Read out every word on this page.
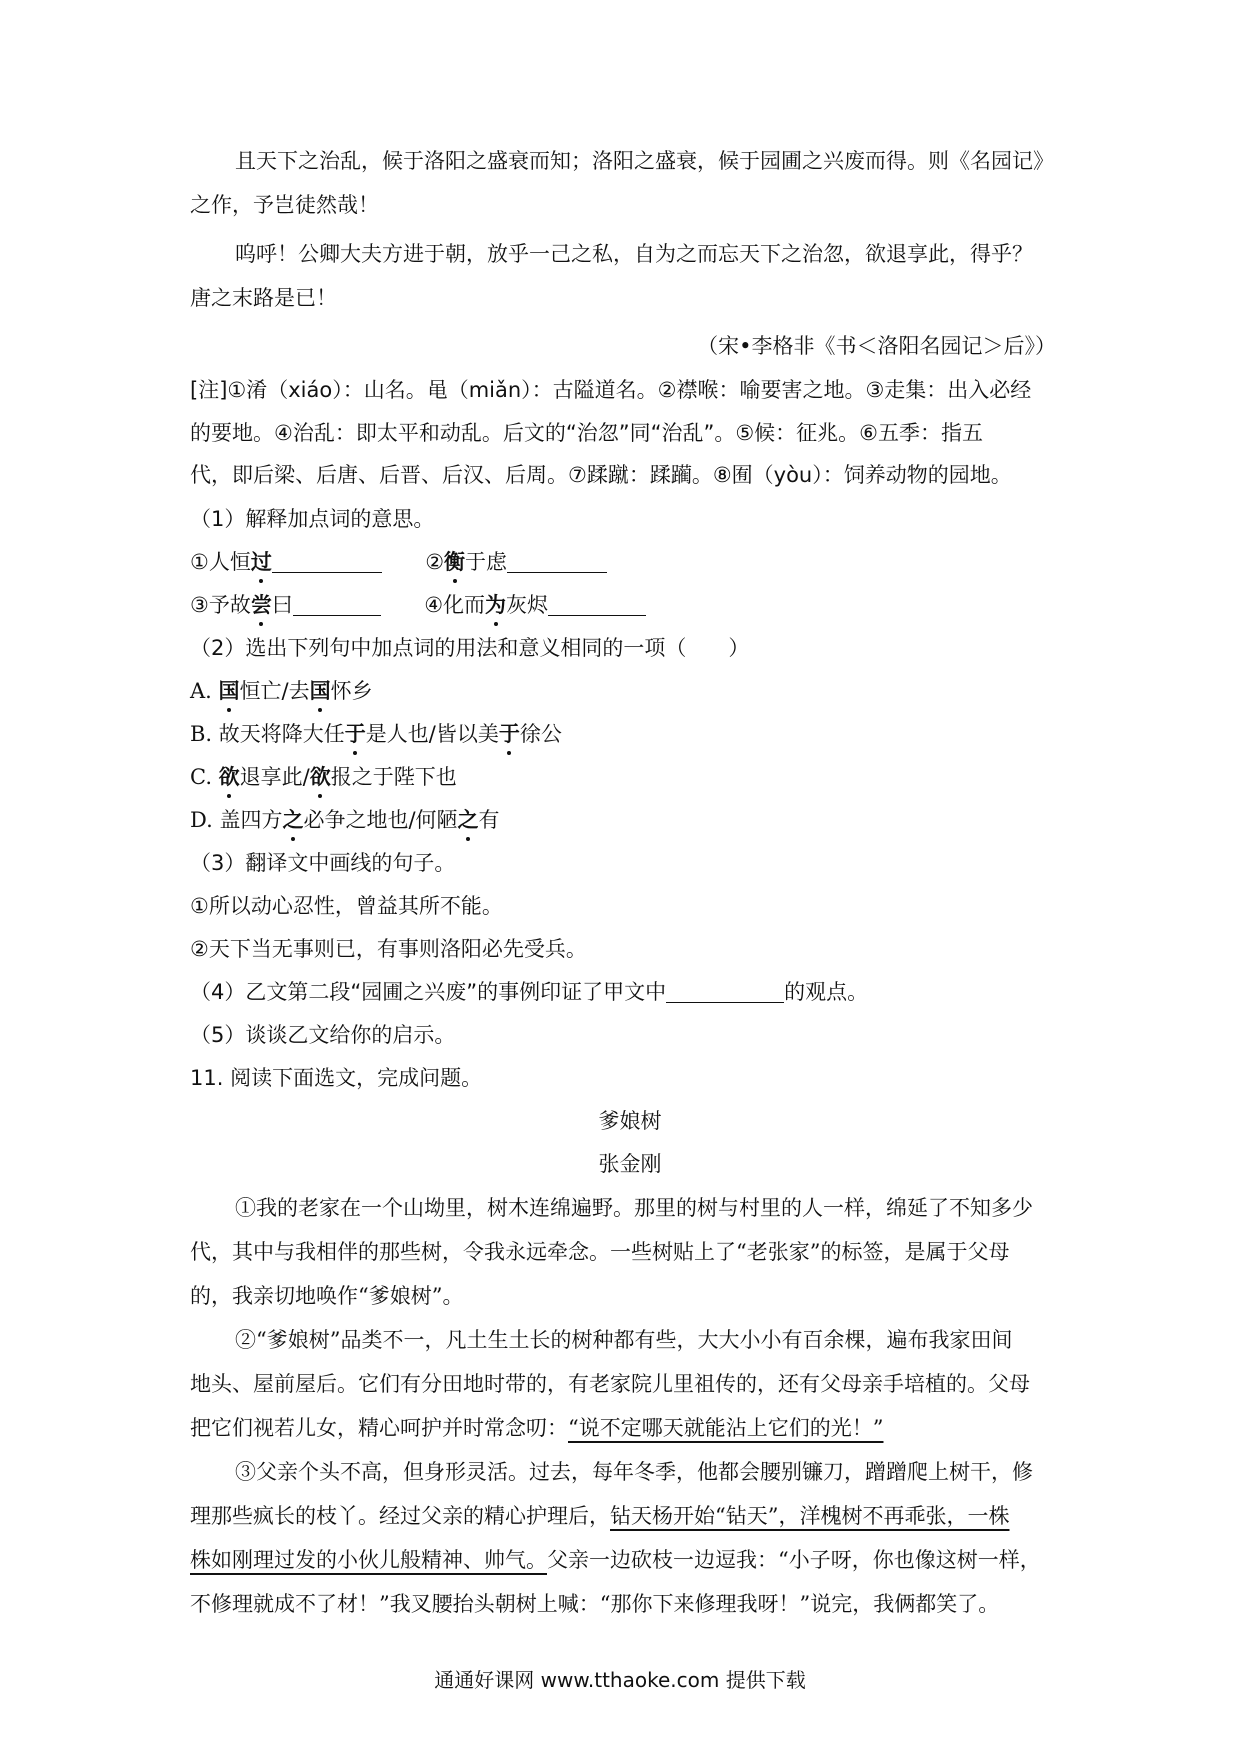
且天下之治乱，候于洛阳之盛衰而知；洛阳之盛衰，候于园圃之兴废而得。则《名园记》
之作，予岂徒然哉！
呜呼！公卿大夫方进于朝，放乎一己之私，自为之而忘天下之治忽，欲退享此，得乎？
唐之末路是已！
（宋•李格非《书＜洛阳名园记＞后》）
[注]①淆（xiáo）：山名。黾（miǎn）：古隘道名。②襟喉：喻要害之地。③走集：出入必经
的要地。④治乱：即太平和动乱。后文的“治忽”同“治乱”。⑤候：征兆。⑥五季：指五
代，即后梁、后唐、后晋、后汉、后周。⑦蹂蹴：蹂躏。⑧囿（yòu）：饲养动物的园地。
（1）解释加点词的意思。
①人恒过	②衡于虑
③予故尝曰	④化而为灰烬
（2）选出下列句中加点词的用法和意义相同的一项（　　）
A. 国恒亡/去国怀乡
B. 故天将降大任于是人也/皆以美于徐公
C. 欲退享此/欲报之于陛下也
D. 盖四方之必争之地也/何陋之有
（3）翻译文中画线的句子。
①所以动心忍性，曾益其所不能。
②天下当无事则已，有事则洛阳必先受兵。
（4）乙文第二段“园圃之兴废”的事例印证了甲文中	的观点。
（5）谈谈乙文给你的启示。
11. 阅读下面选文，完成问题。
爹娘树
张金刚
①我的老家在一个山坳里，树木连绵遍野。那里的树与村里的人一样，绵延了不知多少
代，其中与我相伴的那些树，令我永远牵念。一些树贴上了“老张家”的标签，是属于父母
的，我亲切地唤作“爹娘树”。
②“爹娘树”品类不一，凡土生土长的树种都有些，大大小小有百余棵，遍布我家田间
地头、屋前屋后。它们有分田地时带的，有老家院儿里祖传的，还有父母亲手培植的。父母
把它们视若儿女，精心呵护并时常念叨：“说不定哪天就能沾上它们的光！”
③父亲个头不高，但身形灵活。过去，每年冬季，他都会腰别镰刀，蹭蹭爬上树干，修
理那些疯长的枝丫。经过父亲的精心护理后，钻天杨开始“钻天”，洋槐树不再乖张，一株
株如刚理过发的小伙儿般精神、帅气。父亲一边砍枝一边逗我：“小子呀，你也像这树一样，
不修理就成不了材！”我叉腰抬头朝树上喊：“那你下来修理我呀！”说完，我俩都笑了。
通通好课网 www.tthaoke.com 提供下载
